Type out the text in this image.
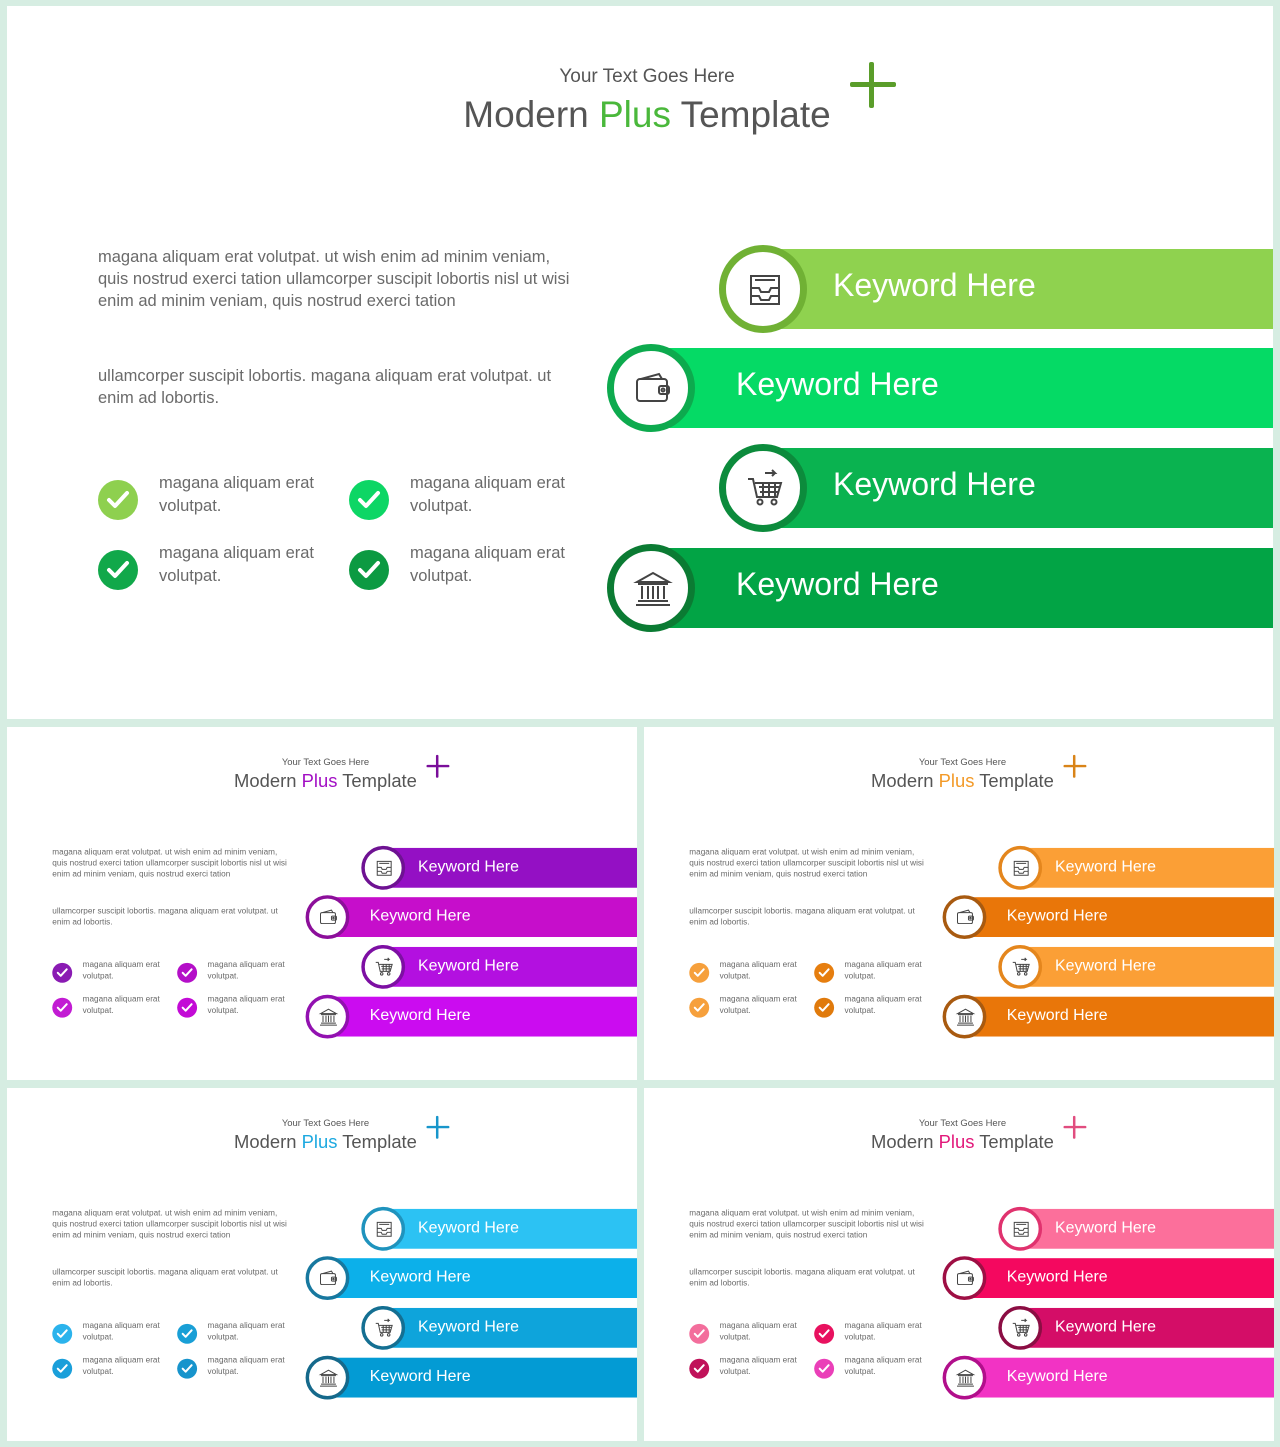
Your Text Goes Here
Modern Plus Template
magana aliquam erat volutpat. ut wish enim ad minim veniam, quis nostrud exerci tation ullamcorper suscipit lobortis nisl ut wisi enim ad minim veniam, quis nostrud exerci tation
ullamcorper suscipit lobortis. magana aliquam erat volutpat. ut enim ad lobortis.
magana aliquam erat volutpat.
magana aliquam erat volutpat.
magana aliquam erat volutpat.
magana aliquam erat volutpat.
Keyword Here
Keyword Here
Keyword Here
Keyword Here
Your Text Goes Here
Modern Plus Template
magana aliquam erat volutpat. ut wish enim ad minim veniam, quis nostrud exerci tation ullamcorper suscipit lobortis nisl ut wisi enim ad minim veniam, quis nostrud exerci tation
ullamcorper suscipit lobortis. magana aliquam erat volutpat. ut enim ad lobortis.
magana aliquam erat volutpat.
magana aliquam erat volutpat.
magana aliquam erat volutpat.
magana aliquam erat volutpat.
Keyword Here
Keyword Here
Keyword Here
Keyword Here
Your Text Goes Here
Modern Plus Template
magana aliquam erat volutpat. ut wish enim ad minim veniam, quis nostrud exerci tation ullamcorper suscipit lobortis nisl ut wisi enim ad minim veniam, quis nostrud exerci tation
ullamcorper suscipit lobortis. magana aliquam erat volutpat. ut enim ad lobortis.
magana aliquam erat volutpat.
magana aliquam erat volutpat.
magana aliquam erat volutpat.
magana aliquam erat volutpat.
Keyword Here
Keyword Here
Keyword Here
Keyword Here
Your Text Goes Here
Modern Plus Template
magana aliquam erat volutpat. ut wish enim ad minim veniam, quis nostrud exerci tation ullamcorper suscipit lobortis nisl ut wisi enim ad minim veniam, quis nostrud exerci tation
ullamcorper suscipit lobortis. magana aliquam erat volutpat. ut enim ad lobortis.
magana aliquam erat volutpat.
magana aliquam erat volutpat.
magana aliquam erat volutpat.
magana aliquam erat volutpat.
Keyword Here
Keyword Here
Keyword Here
Keyword Here
Your Text Goes Here
Modern Plus Template
magana aliquam erat volutpat. ut wish enim ad minim veniam, quis nostrud exerci tation ullamcorper suscipit lobortis nisl ut wisi enim ad minim veniam, quis nostrud exerci tation
ullamcorper suscipit lobortis. magana aliquam erat volutpat. ut enim ad lobortis.
magana aliquam erat volutpat.
magana aliquam erat volutpat.
magana aliquam erat volutpat.
magana aliquam erat volutpat.
Keyword Here
Keyword Here
Keyword Here
Keyword Here
